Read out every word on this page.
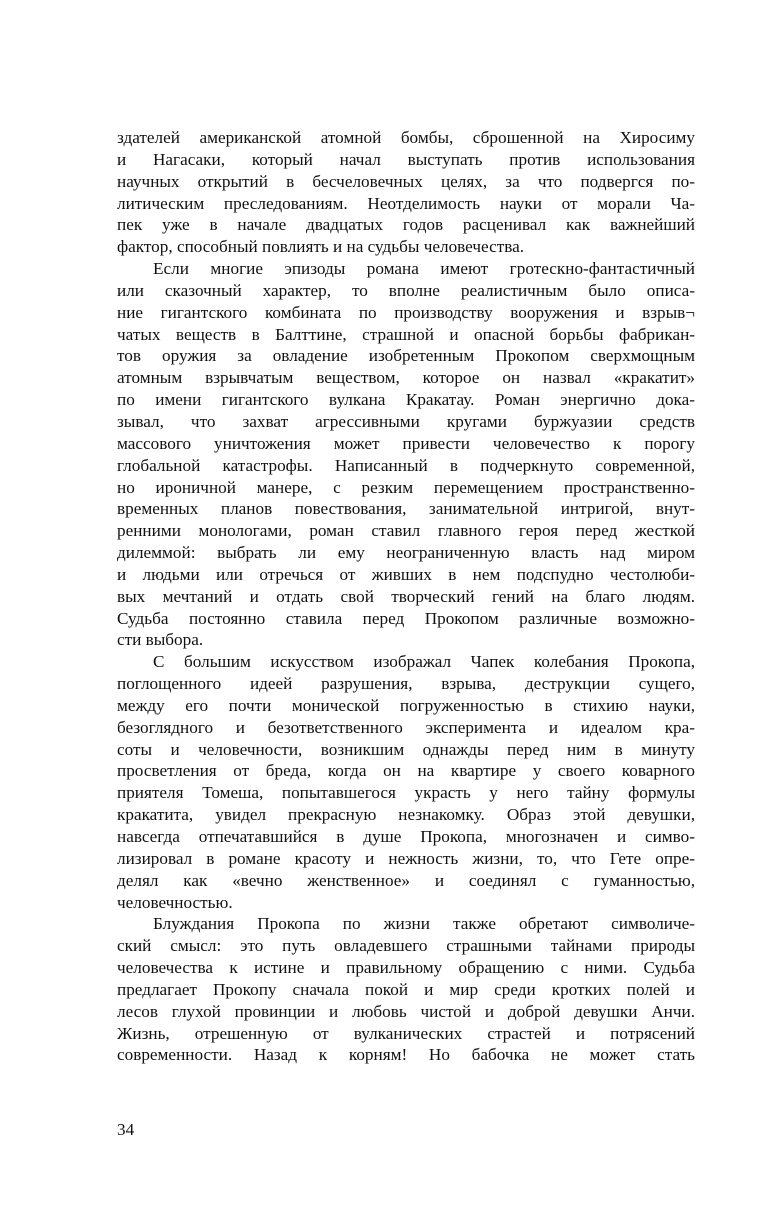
здателей американской атомной бомбы, сброшенной на Хиросиму
и Нагасаки, который начал выступать против использования
научных открытий в бесчеловечных целях, за что подвергся по-
литическим преследованиям. Неотделимость науки от морали Ча-
пек уже в начале двадцатых годов расценивал как важнейший
фактор, способный повлиять и на судьбы человечества.
Если многие эпизоды романа имеют гротескно-фантастичный
или сказочный характер, то вполне реалистичным было описа-
ние гигантского комбината по производству вооружения и взрыв¬
чатых веществ в Балттине, страшной и опасной борьбы фабрикан-
тов оружия за овладение изобретенным Прокопом сверхмощным
атомным взрывчатым веществом, которое он назвал «кракатит»
по имени гигантского вулкана Кракатау. Роман энергично дока-
зывал, что захват агрессивными кругами буржуазии средств
массового уничтожения может привести человечество к порогу
глобальной катастрофы. Написанный в подчеркнуто современной,
но ироничной манере, с резким перемещением пространственно-
временных планов повествования, занимательной интригой, внут-
ренними монологами, роман ставил главного героя перед жесткой
дилеммой: выбрать ли ему неограниченную власть над миром
и людьми или отречься от живших в нем подспудно честолюби-
вых мечтаний и отдать свой творческий гений на благо людям.
Судьба постоянно ставила перед Прокопом различные возможно-
сти выбора.
С большим искусством изображал Чапек колебания Прокопа,
поглощенного идеей разрушения, взрыва, деструкции сущего,
между его почти монической погруженностью в стихию науки,
безоглядного и безответственного эксперимента и идеалом кра-
соты и человечности, возникшим однажды перед ним в минуту
просветления от бреда, когда он на квартире у своего коварного
приятеля Томеша, попытавшегося украсть у него тайну формулы
кракатита, увидел прекрасную незнакомку. Образ этой девушки,
навсегда отпечатавшийся в душе Прокопа, многозначен и симво-
лизировал в романе красоту и нежность жизни, то, что Гете опре-
делял как «вечно женственное» и соединял с гуманностью,
человечностью.
Блуждания Прокопа по жизни также обретают символиче-
ский смысл: это путь овладевшего страшными тайнами природы
человечества к истине и правильному обращению с ними. Судьба
предлагает Прокопу сначала покой и мир среди кротких полей и
лесов глухой провинции и любовь чистой и доброй девушки Анчи.
Жизнь, отрешенную от вулканических страстей и потрясений
современности. Назад к корням! Но бабочка не может стать
34
